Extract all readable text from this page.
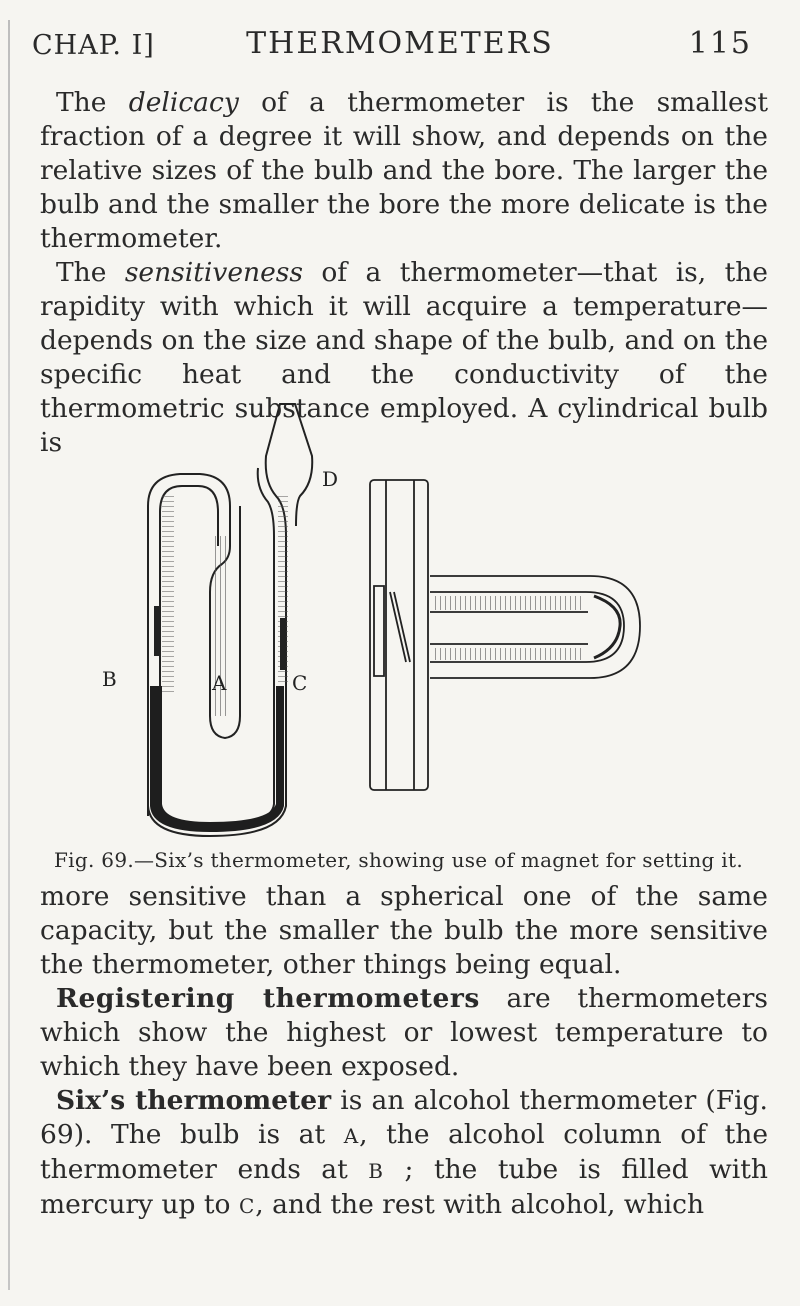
CHAP. I]	THERMOMETERS	115

The delicacy of a thermometer is the smallest fraction of a degree it will show, and depends on the relative sizes of the bulb and the bore. The larger the bulb and the smaller the bore the more delicate is the thermometer.

The sensitiveness of a thermometer—that is, the rapidity with which it will acquire a temperature—depends on the size and shape of the bulb, and on the specific heat and the conductivity of the thermometric substance employed. A cylindrical bulb is

B	A	C
D
Fig. 69.—Six’s thermometer, showing use of magnet for setting it.

more sensitive than a spherical one of the same capacity, but the smaller the bulb the more sensitive the thermometer, other things being equal.

Registering thermometers are thermometers which show the highest or lowest temperature to which they have been exposed.

Six’s thermometer is an alcohol thermometer (Fig. 69). The bulb is at A, the alcohol column of the thermometer ends at B ; the tube is filled with mercury up to C, and the rest with alcohol, which
